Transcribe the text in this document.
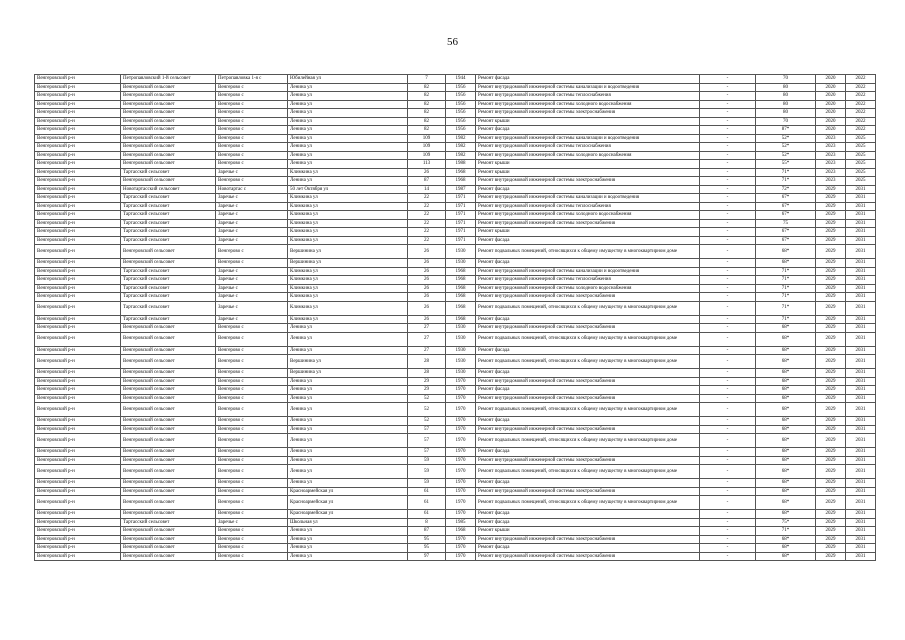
56
Венгеровский р-н	Петропавловский 1-й сельсовет	Петропавловка 1-я с	Юбилейная ул	7	1944	Ремонт фасада	-	70	2020	2022
Венгеровский р-н	Венгеровский сельсовет	Венгерово с	Ленина ул	82	1956	Ремонт внутридомовой инженерной системы канализации и водоотведения	-	80	2020	2022
Венгеровский р-н	Венгеровский сельсовет	Венгерово с	Ленина ул	82	1956	Ремонт внутридомовой инженерной системы теплоснабжения	-	80	2020	2022
Венгеровский р-н	Венгеровский сельсовет	Венгерово с	Ленина ул	82	1956	Ремонт внутридомовой инженерной системы холодного водоснабжения	-	80	2020	2022
Венгеровский р-н	Венгеровский сельсовет	Венгерово с	Ленина ул	82	1956	Ремонт внутридомовой инженерной системы электроснабжения	-	80	2020	2022
Венгеровский р-н	Венгеровский сельсовет	Венгерово с	Ленина ул	82	1956	Ремонт крыши	-	70	2020	2022
Венгеровский р-н	Венгеровский сельсовет	Венгерово с	Ленина ул	82	1956	Ремонт фасада	-	87*	2020	2022
Венгеровский р-н	Венгеровский сельсовет	Венгерово с	Ленина ул	109	1982	Ремонт внутридомовой инженерной системы канализации и водоотведения	-	52*	2023	2025
Венгеровский р-н	Венгеровский сельсовет	Венгерово с	Ленина ул	109	1982	Ремонт внутридомовой инженерной системы теплоснабжения	-	52*	2023	2025
Венгеровский р-н	Венгеровский сельсовет	Венгерово с	Ленина ул	109	1982	Ремонт внутридомовой инженерной системы холодного водоснабжения	-	52*	2023	2025
Венгеровский р-н	Венгеровский сельсовет	Венгерово с	Ленина ул	113	1988	Ремонт крыши	-	55*	2023	2025
Венгеровский р-н	Тартасский сельсовет	Заречье с	Климкина ул	26	1968	Ремонт крыши	-	71*	2023	2025
Венгеровский р-н	Венгеровский сельсовет	Венгерово с	Ленина ул	87	1968	Ремонт внутридомовой инженерной системы электроснабжения	-	71*	2023	2025
Венгеровский р-н	Новотартасский сельсовет	Новотартас с	50 лет Октября ул	14	1987	Ремонт фасада	-	72*	2029	2031
Венгеровский р-н	Тартасский сельсовет	Заречье с	Климкина ул	22	1971	Ремонт внутридомовой инженерной системы канализации и водоотведения	-	67*	2029	2031
Венгеровский р-н	Тартасский сельсовет	Заречье с	Климкина ул	22	1971	Ремонт внутридомовой инженерной системы теплоснабжения	-	67*	2029	2031
Венгеровский р-н	Тартасский сельсовет	Заречье с	Климкина ул	22	1971	Ремонт внутридомовой инженерной системы холодного водоснабжения	-	67*	2029	2031
Венгеровский р-н	Тартасский сельсовет	Заречье с	Климкина ул	22	1971	Ремонт внутридомовой инженерной системы электроснабжения	-	75	2029	2031
Венгеровский р-н	Тартасский сельсовет	Заречье с	Климкина ул	22	1971	Ремонт крыши	-	67*	2029	2031
Венгеровский р-н	Тартасский сельсовет	Заречье с	Климкина ул	22	1971	Ремонт фасада	-	67*	2029	2031
Венгеровский р-н	Венгеровский сельсовет	Венгерово с	Вершинина ул	26	1930	Ремонт подвальных помещений, относящихся к общему имуществу в многоквартирном доме	-	68*	2029	2031
Венгеровский р-н	Венгеровский сельсовет	Венгерово с	Вершинина ул	26	1930	Ремонт фасада	-	68*	2029	2031
Венгеровский р-н	Тартасский сельсовет	Заречье с	Климкина ул	26	1968	Ремонт внутридомовой инженерной системы канализации и водоотведения	-	71*	2029	2031
Венгеровский р-н	Тартасский сельсовет	Заречье с	Климкина ул	26	1968	Ремонт внутридомовой инженерной системы теплоснабжения	-	71*	2029	2031
Венгеровский р-н	Тартасский сельсовет	Заречье с	Климкина ул	26	1968	Ремонт внутридомовой инженерной системы холодного водоснабжения	-	71*	2029	2031
Венгеровский р-н	Тартасский сельсовет	Заречье с	Климкина ул	26	1968	Ремонт внутридомовой инженерной системы электроснабжения	-	71*	2029	2031
Венгеровский р-н	Тартасский сельсовет	Заречье с	Климкина ул	26	1968	Ремонт подвальных помещений, относящихся к общему имуществу в многоквартирном доме	-	71*	2029	2031
Венгеровский р-н	Тартасский сельсовет	Заречье с	Климкина ул	26	1968	Ремонт фасада	-	71*	2029	2031
Венгеровский р-н	Венгеровский сельсовет	Венгерово с	Ленина ул	27	1930	Ремонт внутридомовой инженерной системы электроснабжения	-	68*	2029	2031
Венгеровский р-н	Венгеровский сельсовет	Венгерово с	Ленина ул	27	1930	Ремонт подвальных помещений, относящихся к общему имуществу в многоквартирном доме	-	68*	2029	2031
Венгеровский р-н	Венгеровский сельсовет	Венгерово с	Ленина ул	27	1930	Ремонт фасада	-	68*	2029	2031
Венгеровский р-н	Венгеровский сельсовет	Венгерово с	Вершинина ул	28	1930	Ремонт подвальных помещений, относящихся к общему имуществу в многоквартирном доме	-	68*	2029	2031
Венгеровский р-н	Венгеровский сельсовет	Венгерово с	Вершинина ул	28	1930	Ремонт фасада	-	68*	2029	2031
Венгеровский р-н	Венгеровский сельсовет	Венгерово с	Ленина ул	29	1970	Ремонт внутридомовой инженерной системы электроснабжения	-	68*	2029	2031
Венгеровский р-н	Венгеровский сельсовет	Венгерово с	Ленина ул	29	1970	Ремонт фасада	-	68*	2029	2031
Венгеровский р-н	Венгеровский сельсовет	Венгерово с	Ленина ул	52	1970	Ремонт внутридомовой инженерной системы электроснабжения	-	68*	2029	2031
Венгеровский р-н	Венгеровский сельсовет	Венгерово с	Ленина ул	52	1970	Ремонт подвальных помещений, относящихся к общему имуществу в многоквартирном доме	-	68*	2029	2031
Венгеровский р-н	Венгеровский сельсовет	Венгерово с	Ленина ул	52	1970	Ремонт фасада	-	68*	2029	2031
Венгеровский р-н	Венгеровский сельсовет	Венгерово с	Ленина ул	57	1970	Ремонт внутридомовой инженерной системы электроснабжения	-	68*	2029	2031
Венгеровский р-н	Венгеровский сельсовет	Венгерово с	Ленина ул	57	1970	Ремонт подвальных помещений, относящихся к общему имуществу в многоквартирном доме	-	68*	2029	2031
Венгеровский р-н	Венгеровский сельсовет	Венгерово с	Ленина ул	57	1970	Ремонт фасада	-	68*	2029	2031
Венгеровский р-н	Венгеровский сельсовет	Венгерово с	Ленина ул	59	1970	Ремонт внутридомовой инженерной системы электроснабжения	-	68*	2029	2031
Венгеровский р-н	Венгеровский сельсовет	Венгерово с	Ленина ул	59	1970	Ремонт подвальных помещений, относящихся к общему имуществу в многоквартирном доме	-	68*	2029	2031
Венгеровский р-н	Венгеровский сельсовет	Венгерово с	Ленина ул	59	1970	Ремонт фасада	-	68*	2029	2031
Венгеровский р-н	Венгеровский сельсовет	Венгерово с	Красноармейская ул	61	1970	Ремонт внутридомовой инженерной системы электроснабжения	-	68*	2029	2031
Венгеровский р-н	Венгеровский сельсовет	Венгерово с	Красноармейская ул	61	1970	Ремонт подвальных помещений, относящихся к общему имуществу в многоквартирном доме	-	68*	2029	2031
Венгеровский р-н	Венгеровский сельсовет	Венгерово с	Красноармейская ул	61	1970	Ремонт фасада	-	68*	2029	2031
Венгеровский р-н	Тартасский сельсовет	Заречье с	Школьная ул	8	1985	Ремонт фасада	-	75*	2029	2031
Венгеровский р-н	Венгеровский сельсовет	Венгерово с	Ленина ул	87	1968	Ремонт крыши	-	71*	2029	2031
Венгеровский р-н	Венгеровский сельсовет	Венгерово с	Ленина ул	95	1970	Ремонт внутридомовой инженерной системы электроснабжения	-	68*	2029	2031
Венгеровский р-н	Венгеровский сельсовет	Венгерово с	Ленина ул	95	1970	Ремонт фасада	-	68*	2029	2031
Венгеровский р-н	Венгеровский сельсовет	Венгерово с	Ленина ул	97	1970	Ремонт внутридомовой инженерной системы электроснабжения	-	68*	2029	2031
